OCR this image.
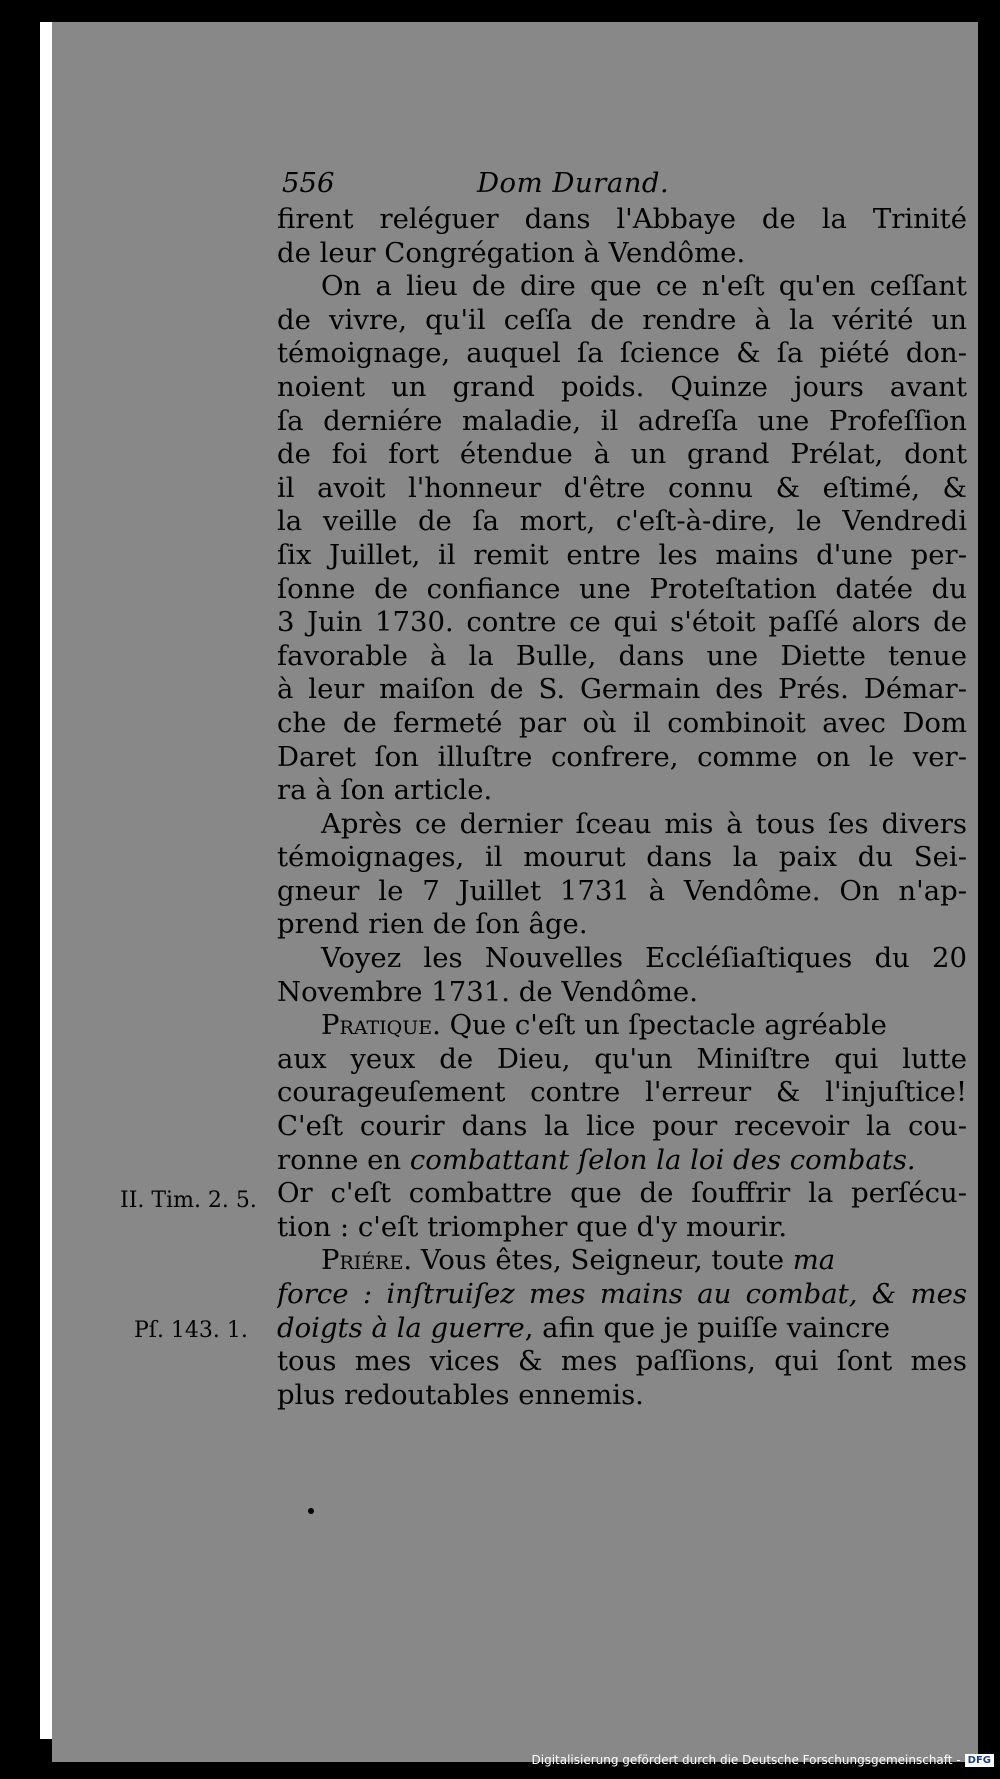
556	Dom Durand.
firent reléguer dans l'Abbaye de la Trinité
de leur Congrégation à Vendôme.
On a lieu de dire que ce n'eſt qu'en ceſſant
de vivre, qu'il ceſſa de rendre à la vérité un
témoignage, auquel ſa ſcience & ſa piété don-
noient un grand poids. Quinze jours avant
ſa derniére maladie, il adreſſa une Profeſſion
de foi fort étendue à un grand Prélat, dont
il avoit l'honneur d'être connu & eſtimé, &
la veille de ſa mort, c'eſt-à-dire, le Vendredi
ſix Juillet, il remit entre les mains d'une per-
ſonne de confiance une Proteſtation datée du
3 Juin 1730. contre ce qui s'étoit paſſé alors de
favorable à la Bulle, dans une Diette tenue
à leur maiſon de S. Germain des Prés. Démar-
che de fermeté par où il combinoit avec Dom
Daret ſon illuſtre confrere, comme on le ver-
ra à ſon article.
Après ce dernier ſceau mis à tous ſes divers
témoignages, il mourut dans la paix du Sei-
gneur le 7 Juillet 1731 à Vendôme. On n'ap-
prend rien de ſon âge.
Voyez les Nouvelles Eccléſiaſtiques du 20
Novembre 1731. de Vendôme.
Pratique. Que c'eſt un ſpectacle agréable
aux yeux de Dieu, qu'un Miniſtre qui lutte
courageuſement contre l'erreur & l'injuſtice!
C'eſt courir dans la lice pour recevoir la cou-
ronne en combattant ſelon la loi des combats.
Or c'eſt combattre que de ſouffrir la perſécu-
tion : c'eſt triompher que d'y mourir.
Priére. Vous êtes, Seigneur, toute ma
force : inſtruiſez mes mains au combat, & mes
doigts à la guerre, afin que je puiſſe vaincre
tous mes vices & mes paſſions, qui ſont mes
plus redoutables ennemis.
II. Tim. 2. 5.
Pſ. 143. 1.
Digitalisierung gefördert durch die Deutsche Forschungsgemeinschaft - DFG
